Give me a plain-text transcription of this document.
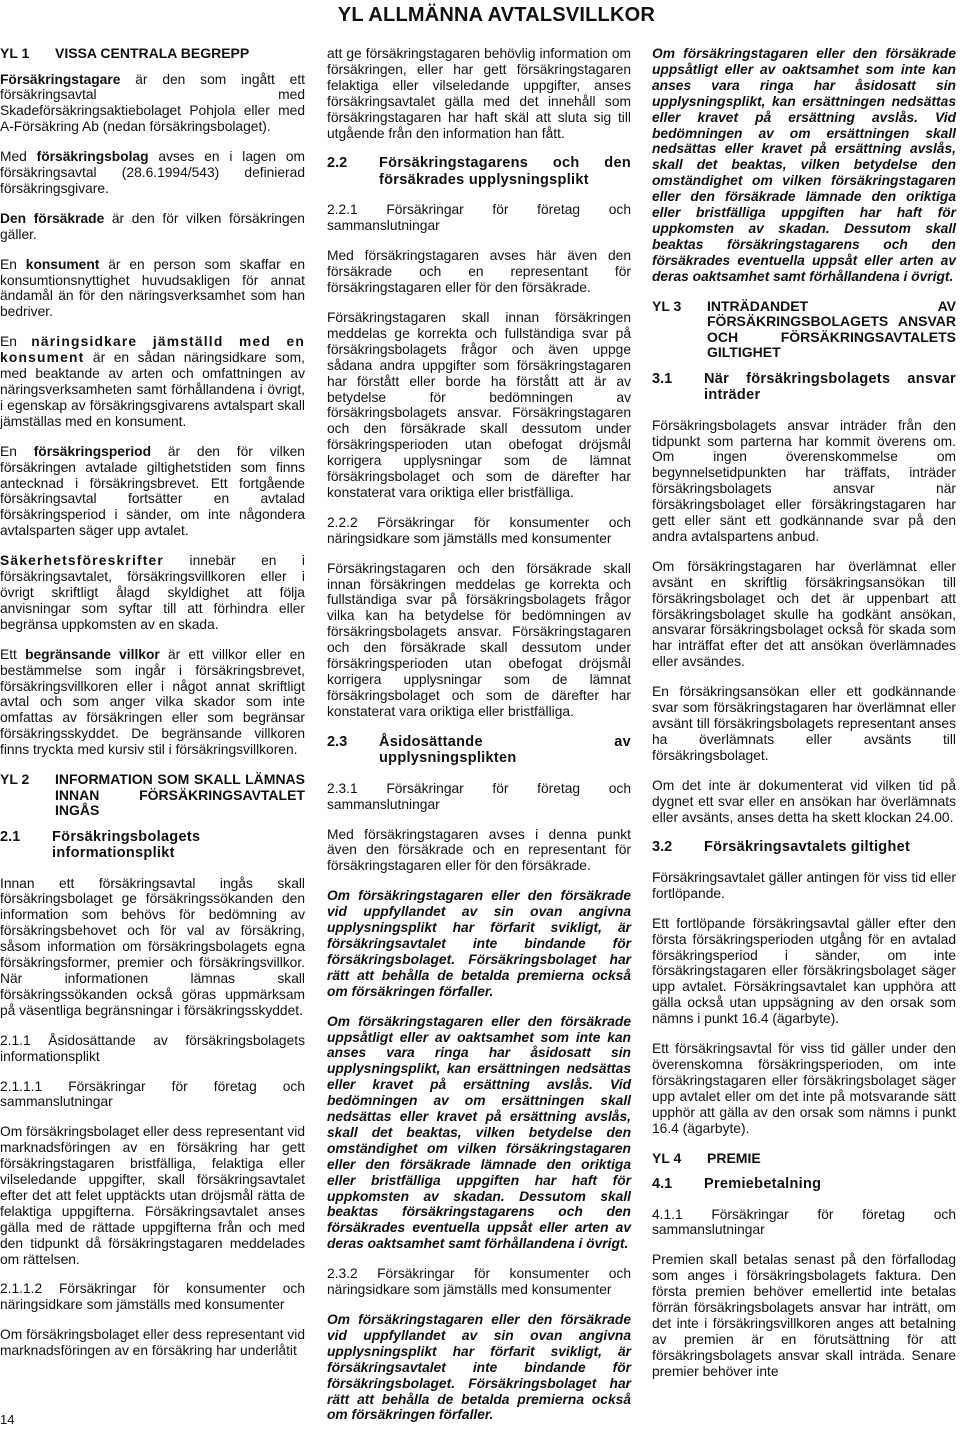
YL ALLMÄNNA AVTALSVILLKOR
YL 1	VISSA CENTRALA BEGREPP

Försäkringstagare är den som ingått ett försäkringsavtal med Skadeförsäkringsaktiebolaget Pohjola eller med A-Försäkring Ab (nedan försäkringsbolaget).

Med försäkringsbolag avses en i lagen om försäkringsavtal (28.6.1994/543) definierad försäkringsgivare.

Den försäkrade är den för vilken försäkringen gäller.

En konsument är en person som skaffar en konsumtionsnyttighet huvudsakligen för annat ändamål än för den näringsverksamhet som han bedriver.

En näringsidkare jämställd med en konsument är en sådan näringsidkare som, med beaktande av arten och omfattningen av näringsverksamheten samt förhållandena i övrigt, i egenskap av försäkringsgivarens avtalspart skall jämställas med en konsument.

En försäkringsperiod är den för vilken försäkringen avtalade giltighetstiden som finns antecknad i försäkringsbrevet. Ett fortgående försäkringsavtal fortsätter en avtalad försäkringsperiod i sänder, om inte någondera avtalsparten säger upp avtalet.

Säkerhetsföreskrifter innebär en i försäkringsavtalet, försäkringsvillkoren eller i övrigt skriftligt ålagd skyldighet att följa anvisningar som syftar till att förhindra eller begränsa uppkomsten av en skada.

Ett begränsande villkor är ett villkor eller en bestämmelse som ingår i försäkringsbrevet, försäkringsvillkoren eller i något annat skriftligt avtal och som anger vilka skador som inte omfattas av försäkringen eller som begränsar försäkringsskyddet. De begränsande villkoren finns tryckta med kursiv stil i försäkringsvillkoren.

YL 2	INFORMATION SOM SKALL LÄMNAS INNAN FÖRSÄKRINGSAVTALET INGÅS
2.1	Försäkringsbolagets informationsplikt

Innan ett försäkringsavtal ingås skall försäkringsbolaget ge försäkringssökanden den information som behövs för bedömning av försäkringsbehovet och för val av försäkring, såsom information om försäkringsbolagets egna försäkringsformer, premier och försäkringsvillkor. När informationen lämnas skall försäkringssökanden också göras uppmärksam på väsentliga begränsningar i försäkringsskyddet.

2.1.1 Åsidosättande av försäkringsbolagets informationsplikt

2.1.1.1 Försäkringar för företag och sammanslutningar

Om försäkringsbolaget eller dess representant vid marknadsföringen av en försäkring har gett försäkringstagaren bristfälliga, felaktiga eller vilseledande uppgifter, skall försäkringsavtalet efter det att felet upptäckts utan dröjsmål rätta de felaktiga uppgifterna. Försäkringsavtalet anses gälla med de rättade uppgifterna från och med den tidpunkt då försäkringstagaren meddelades om rättelsen.

2.1.1.2 Försäkringar för konsumenter och näringsidkare som jämställs med konsumenter

Om försäkringsbolaget eller dess representant vid marknadsföringen av en försäkring har underlåtit

att ge försäkringstagaren behövlig information om försäkringen, eller har gett försäkringstagaren felaktiga eller vilseledande uppgifter, anses försäkringsavtalet gälla med det innehåll som försäkringstagaren har haft skäl att sluta sig till utgående från den information han fått.

2.2	Försäkringstagarens och den försäkrades upplysningsplikt

2.2.1 Försäkringar för företag och sammanslutningar

Med försäkringstagaren avses här även den försäkrade och en representant för försäkringstagaren eller för den försäkrade.

Försäkringstagaren skall innan försäkringen meddelas ge korrekta och fullständiga svar på försäkringsbolagets frågor och även uppge sådana andra uppgifter som försäkringstagaren har förstått eller borde ha förstått att är av betydelse för bedömningen av försäkringsbolagets ansvar. Försäkringstagaren och den försäkrade skall dessutom under försäkringsperioden utan obefogat dröjsmål korrigera upplysningar som de lämnat försäkringsbolaget och som de därefter har konstaterat vara oriktiga eller bristfälliga.

2.2.2 Försäkringar för konsumenter och näringsidkare som jämställs med konsumenter

Försäkringstagaren och den försäkrade skall innan försäkringen meddelas ge korrekta och fullständiga svar på försäkringsbolagets frågor vilka kan ha betydelse för bedömningen av försäkringsbolagets ansvar. Försäkringstagaren och den försäkrade skall dessutom under försäkringsperioden utan obefogat dröjsmål korrigera upplysningar som de lämnat försäkringsbolaget och som de därefter har konstaterat vara oriktiga eller bristfälliga.

2.3	Åsidosättande av upplysningsplikten

2.3.1 Försäkringar för företag och sammanslutningar

Med försäkringstagaren avses i denna punkt även den försäkrade och en representant för försäkringstagaren eller för den försäkrade.

Om försäkringstagaren eller den försäkrade vid uppfyllandet av sin ovan angivna upplysningsplikt har förfarit svikligt, är försäkringsavtalet inte bindande för försäkringsbolaget. Försäkringsbolaget har rätt att behålla de betalda premierna också om försäkringen förfaller.

Om försäkringstagaren eller den försäkrade uppsåtligt eller av oaktsamhet som inte kan anses vara ringa har åsidosatt sin upplysningsplikt, kan ersättningen nedsättas eller kravet på ersättning avslås. Vid bedömningen av om ersättningen skall nedsättas eller kravet på ersättning avslås, skall det beaktas, vilken betydelse den omständighet om vilken försäkringstagaren eller den försäkrade lämnade den oriktiga eller bristfälliga uppgiften har haft för uppkomsten av skadan. Dessutom skall beaktas försäkringstagarens och den försäkrades eventuella uppsåt eller arten av deras oaktsamhet samt förhållandena i övrigt.

2.3.2 Försäkringar för konsumenter och näringsidkare som jämställs med konsumenter

Om försäkringstagaren eller den försäkrade vid uppfyllandet av sin ovan angivna upplysningsplikt har förfarit svikligt, är försäkringsavtalet inte bindande för försäkringsbolaget. Försäkringsbolaget har rätt att behålla de betalda premierna också om försäkringen förfaller.

Om försäkringstagaren eller den försäkrade uppsåtligt eller av oaktsamhet som inte kan anses vara ringa har åsidosatt sin upplysningsplikt, kan ersättningen nedsättas eller kravet på ersättning avslås. Vid bedömningen av om ersättningen skall nedsättas eller kravet på ersättning avslås, skall det beaktas, vilken betydelse den omständighet om vilken försäkringstagaren eller den försäkrade lämnade den oriktiga eller bristfälliga uppgiften har haft för uppkomsten av skadan. Dessutom skall beaktas försäkringstagarens och den försäkrades eventuella uppsåt eller arten av deras oaktsamhet samt förhållandena i övrigt.

YL 3	INTRÄDANDET AV FÖRSÄKRINGSBOLAGETS ANSVAR OCH FÖRSÄKRINGSAVTALETS GILTIGHET
3.1	När försäkringsbolagets ansvar inträder

Försäkringsbolagets ansvar inträder från den tidpunkt som parterna har kommit överens om. Om ingen överenskommelse om begynnelsetidpunkten har träffats, inträder försäkringsbolagets ansvar när försäkringsbolaget eller försäkringstagaren har gett eller sänt ett godkännande svar på den andra avtalspartens anbud.

Om försäkringstagaren har överlämnat eller avsänt en skriftlig försäkringsansökan till försäkringsbolaget och det är uppenbart att försäkringsbolaget skulle ha godkänt ansökan, ansvarar försäkringsbolaget också för skada som har inträffat efter det att ansökan överlämnades eller avsändes.

En försäkringsansökan eller ett godkännande svar som försäkringstagaren har överlämnat eller avsänt till försäkringsbolagets representant anses ha överlämnats eller avsänts till försäkringsbolaget.

Om det inte är dokumenterat vid vilken tid på dygnet ett svar eller en ansökan har överlämnats eller avsänts, anses detta ha skett klockan 24.00.

3.2	Försäkringsavtalets giltighet

Försäkringsavtalet gäller antingen för viss tid eller fortlöpande.

Ett fortlöpande försäkringsavtal gäller efter den första försäkringsperioden utgång för en avtalad försäkringsperiod i sänder, om inte försäkringstagaren eller försäkringsbolaget säger upp avtalet. Försäkringsavtalet kan upphöra att gälla också utan uppsägning av den orsak som nämns i punkt 16.4 (ägarbyte).

Ett försäkringsavtal för viss tid gäller under den överenskomna försäkringsperioden, om inte försäkringstagaren eller försäkringsbolaget säger upp avtalet eller om det inte på motsvarande sätt upphör att gälla av den orsak som nämns i punkt 16.4 (ägarbyte).

YL 4	PREMIE
4.1	Premiebetalning

4.1.1 Försäkringar för företag och sammanslutningar

Premien skall betalas senast på den förfallodag som anges i försäkringsbolagets faktura. Den första premien behöver emellertid inte betalas förrän försäkringsbolagets ansvar har inträtt, om det inte i försäkringsvillkoren anges att betalning av premien är en förutsättning för att försäkringsbolagets ansvar skall inträda. Senare premier behöver inte

14
